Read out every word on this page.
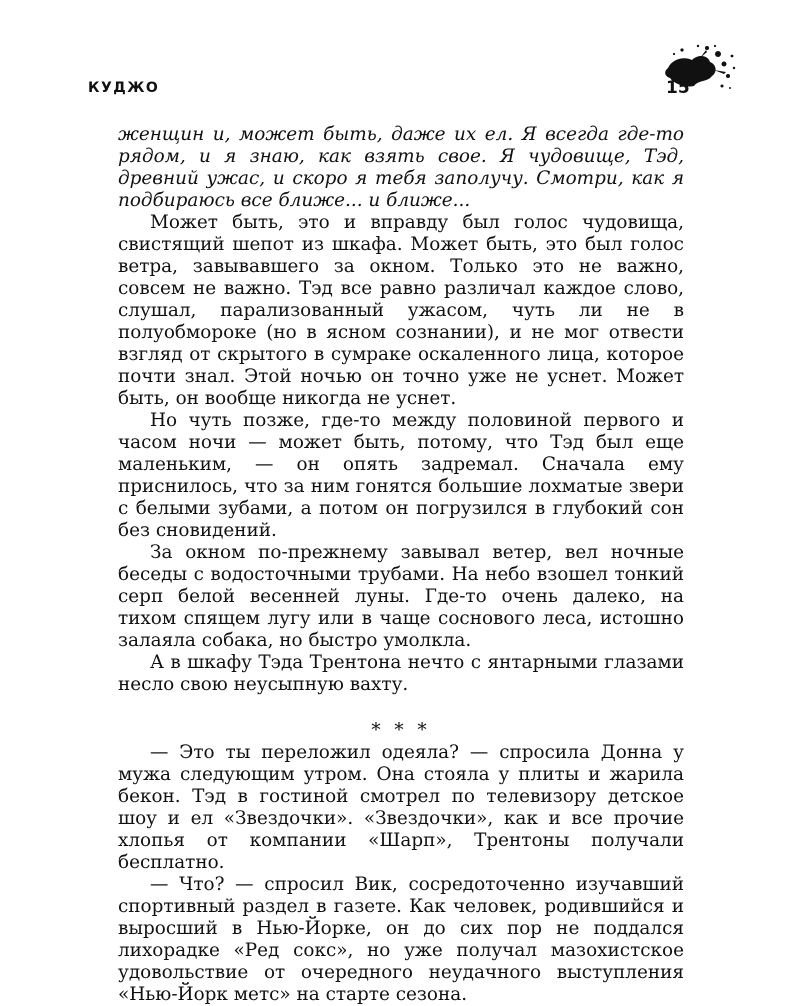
КУДЖО	15

женщин и, может быть, даже их ел. Я всегда где-то рядом, и я знаю, как взять свое. Я чудовище, Тэд, древний ужас, и скоро я тебя заполучу. Смотри, как я подбираюсь все ближе... и ближе...

Может быть, это и вправду был голос чудовища, свистящий шепот из шкафа. Может быть, это был голос ветра, завывавшего за окном. Только это не важно, совсем не важно. Тэд все равно различал каждое слово, слушал, парализованный ужасом, чуть ли не в полуобмороке (но в ясном сознании), и не мог отвести взгляд от скрытого в сумраке оскаленного лица, которое почти знал. Этой ночью он точно уже не уснет. Может быть, он вообще никогда не уснет.

Но чуть позже, где-то между половиной первого и часом ночи — может быть, потому, что Тэд был еще маленьким, — он опять задремал. Сначала ему приснилось, что за ним гонятся большие лохматые звери с белыми зубами, а потом он погрузился в глубокий сон без сновидений.

За окном по-прежнему завывал ветер, вел ночные беседы с водосточными трубами. На небо взошел тонкий серп белой весенней луны. Где-то очень далеко, на тихом спящем лугу или в чаще соснового леса, истошно залаяла собака, но быстро умолкла.

А в шкафу Тэда Трентона нечто с янтарными глазами несло свою неусыпную вахту.

* * *

— Это ты переложил одеяла? — спросила Донна у мужа следующим утром. Она стояла у плиты и жарила бекон. Тэд в гостиной смотрел по телевизору детское шоу и ел «Звездочки». «Звездочки», как и все прочие хлопья от компании «Шарп», Трентоны получали бесплатно.

— Что? — спросил Вик, сосредоточенно изучавший спортивный раздел в газете. Как человек, родившийся и выросший в Нью-Йорке, он до сих пор не поддался лихорадке «Ред сокс», но уже получал мазохистское удовольствие от очередного неудачного выступления «Нью-Йорк метс» на старте сезона.
